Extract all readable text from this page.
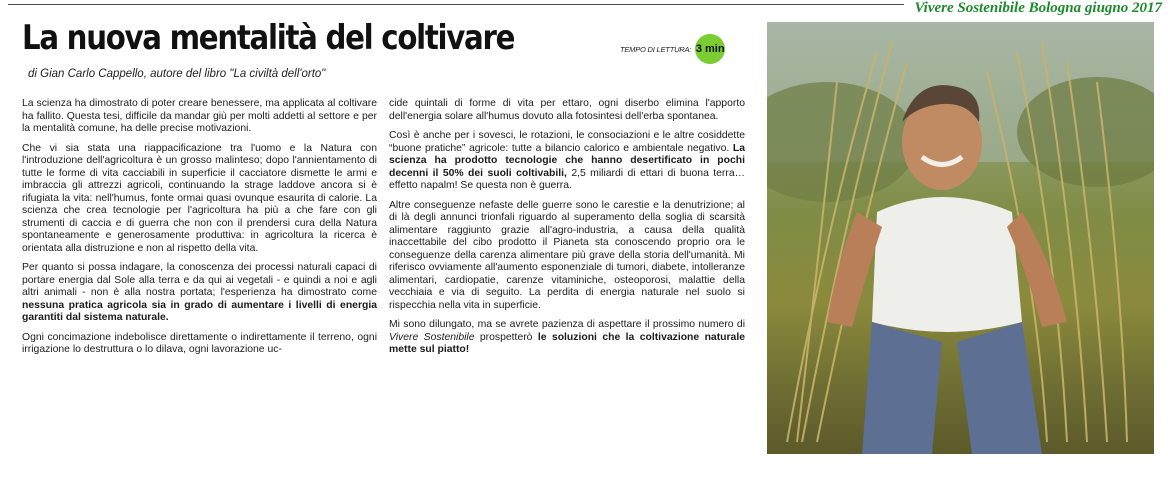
Vivere Sostenibile Bologna giugno 2017
La nuova mentalità del coltivare	TEMPO DI LETTURA: 3 min
di Gian Carlo Cappello, autore del libro "La civiltà dell'orto"

La scienza ha dimostrato di poter creare benessere, ma applicata al coltivare ha fallito. Questa tesi, difficile da mandar giù per molti addetti al settore e per la mentalità comune, ha delle precise motivazioni.

Che vi sia stata una riappacificazione tra l'uomo e la Natura con l'introduzione dell'agricoltura è un grosso malinteso; dopo l'annientamento di tutte le forme di vita cacciabili in superficie il cacciatore dismette le armi e imbraccia gli attrezzi agricoli, continuando la strage laddove ancora si è rifugiata la vita: nell'humus, fonte ormai quasi ovunque esaurita di calorie. La scienza che crea tecnologie per l'agricoltura ha più a che fare con gli strumenti di caccia e di guerra che non con il prendersi cura della Natura spontaneamente e generosamente produttiva: in agricoltura la ricerca è orientata alla distruzione e non al rispetto della vita.

Per quanto si possa indagare, la conoscenza dei processi naturali capaci di portare energia dal Sole alla terra e da qui ai vegetali - e quindi a noi e agli altri animali - non è alla nostra portata; l'esperienza ha dimostrato come nessuna pratica agricola sia in grado di aumentare i livelli di energia garantiti dal sistema naturale.

Ogni concimazione indebolisce direttamente o indirettamente il terreno, ogni irrigazione lo destruttura o lo dilava, ogni lavorazione uc-

cide quintali di forme di vita per ettaro, ogni diserbo elimina l'apporto dell'energia solare all'humus dovuto alla fotosintesi dell'erba spontanea.

Così è anche per i sovesci, le rotazioni, le consociazioni e le altre cosiddette “buone pratiche” agricole: tutte a bilancio calorico e ambientale negativo. La scienza ha prodotto tecnologie che hanno desertificato in pochi decenni il 50% dei suoli coltivabili, 2,5 miliardi di ettari di buona terra… effetto napalm! Se questa non è guerra.

Altre conseguenze nefaste delle guerre sono le carestie e la denutrizione; al di là degli annunci trionfali riguardo al superamento della soglia di scarsità alimentare raggiunto grazie all'agro-industria, a causa della qualità inaccettabile del cibo prodotto il Pianeta sta conoscendo proprio ora le conseguenze della carenza alimentare più grave della storia dell'umanità. Mi riferisco ovviamente all'aumento esponenziale di tumori, diabete, intolleranze alimentari, cardiopatie, carenze vitaminiche, osteoporosi, malattie della vecchiaia e via di seguito. La perdita di energia naturale nel suolo si rispecchia nella vita in superficie.

Mi sono dilungato, ma se avrete pazienza di aspettare il prossimo numero di Vivere Sostenibile prospetterò le soluzioni che la coltivazione naturale mette sul piatto!
